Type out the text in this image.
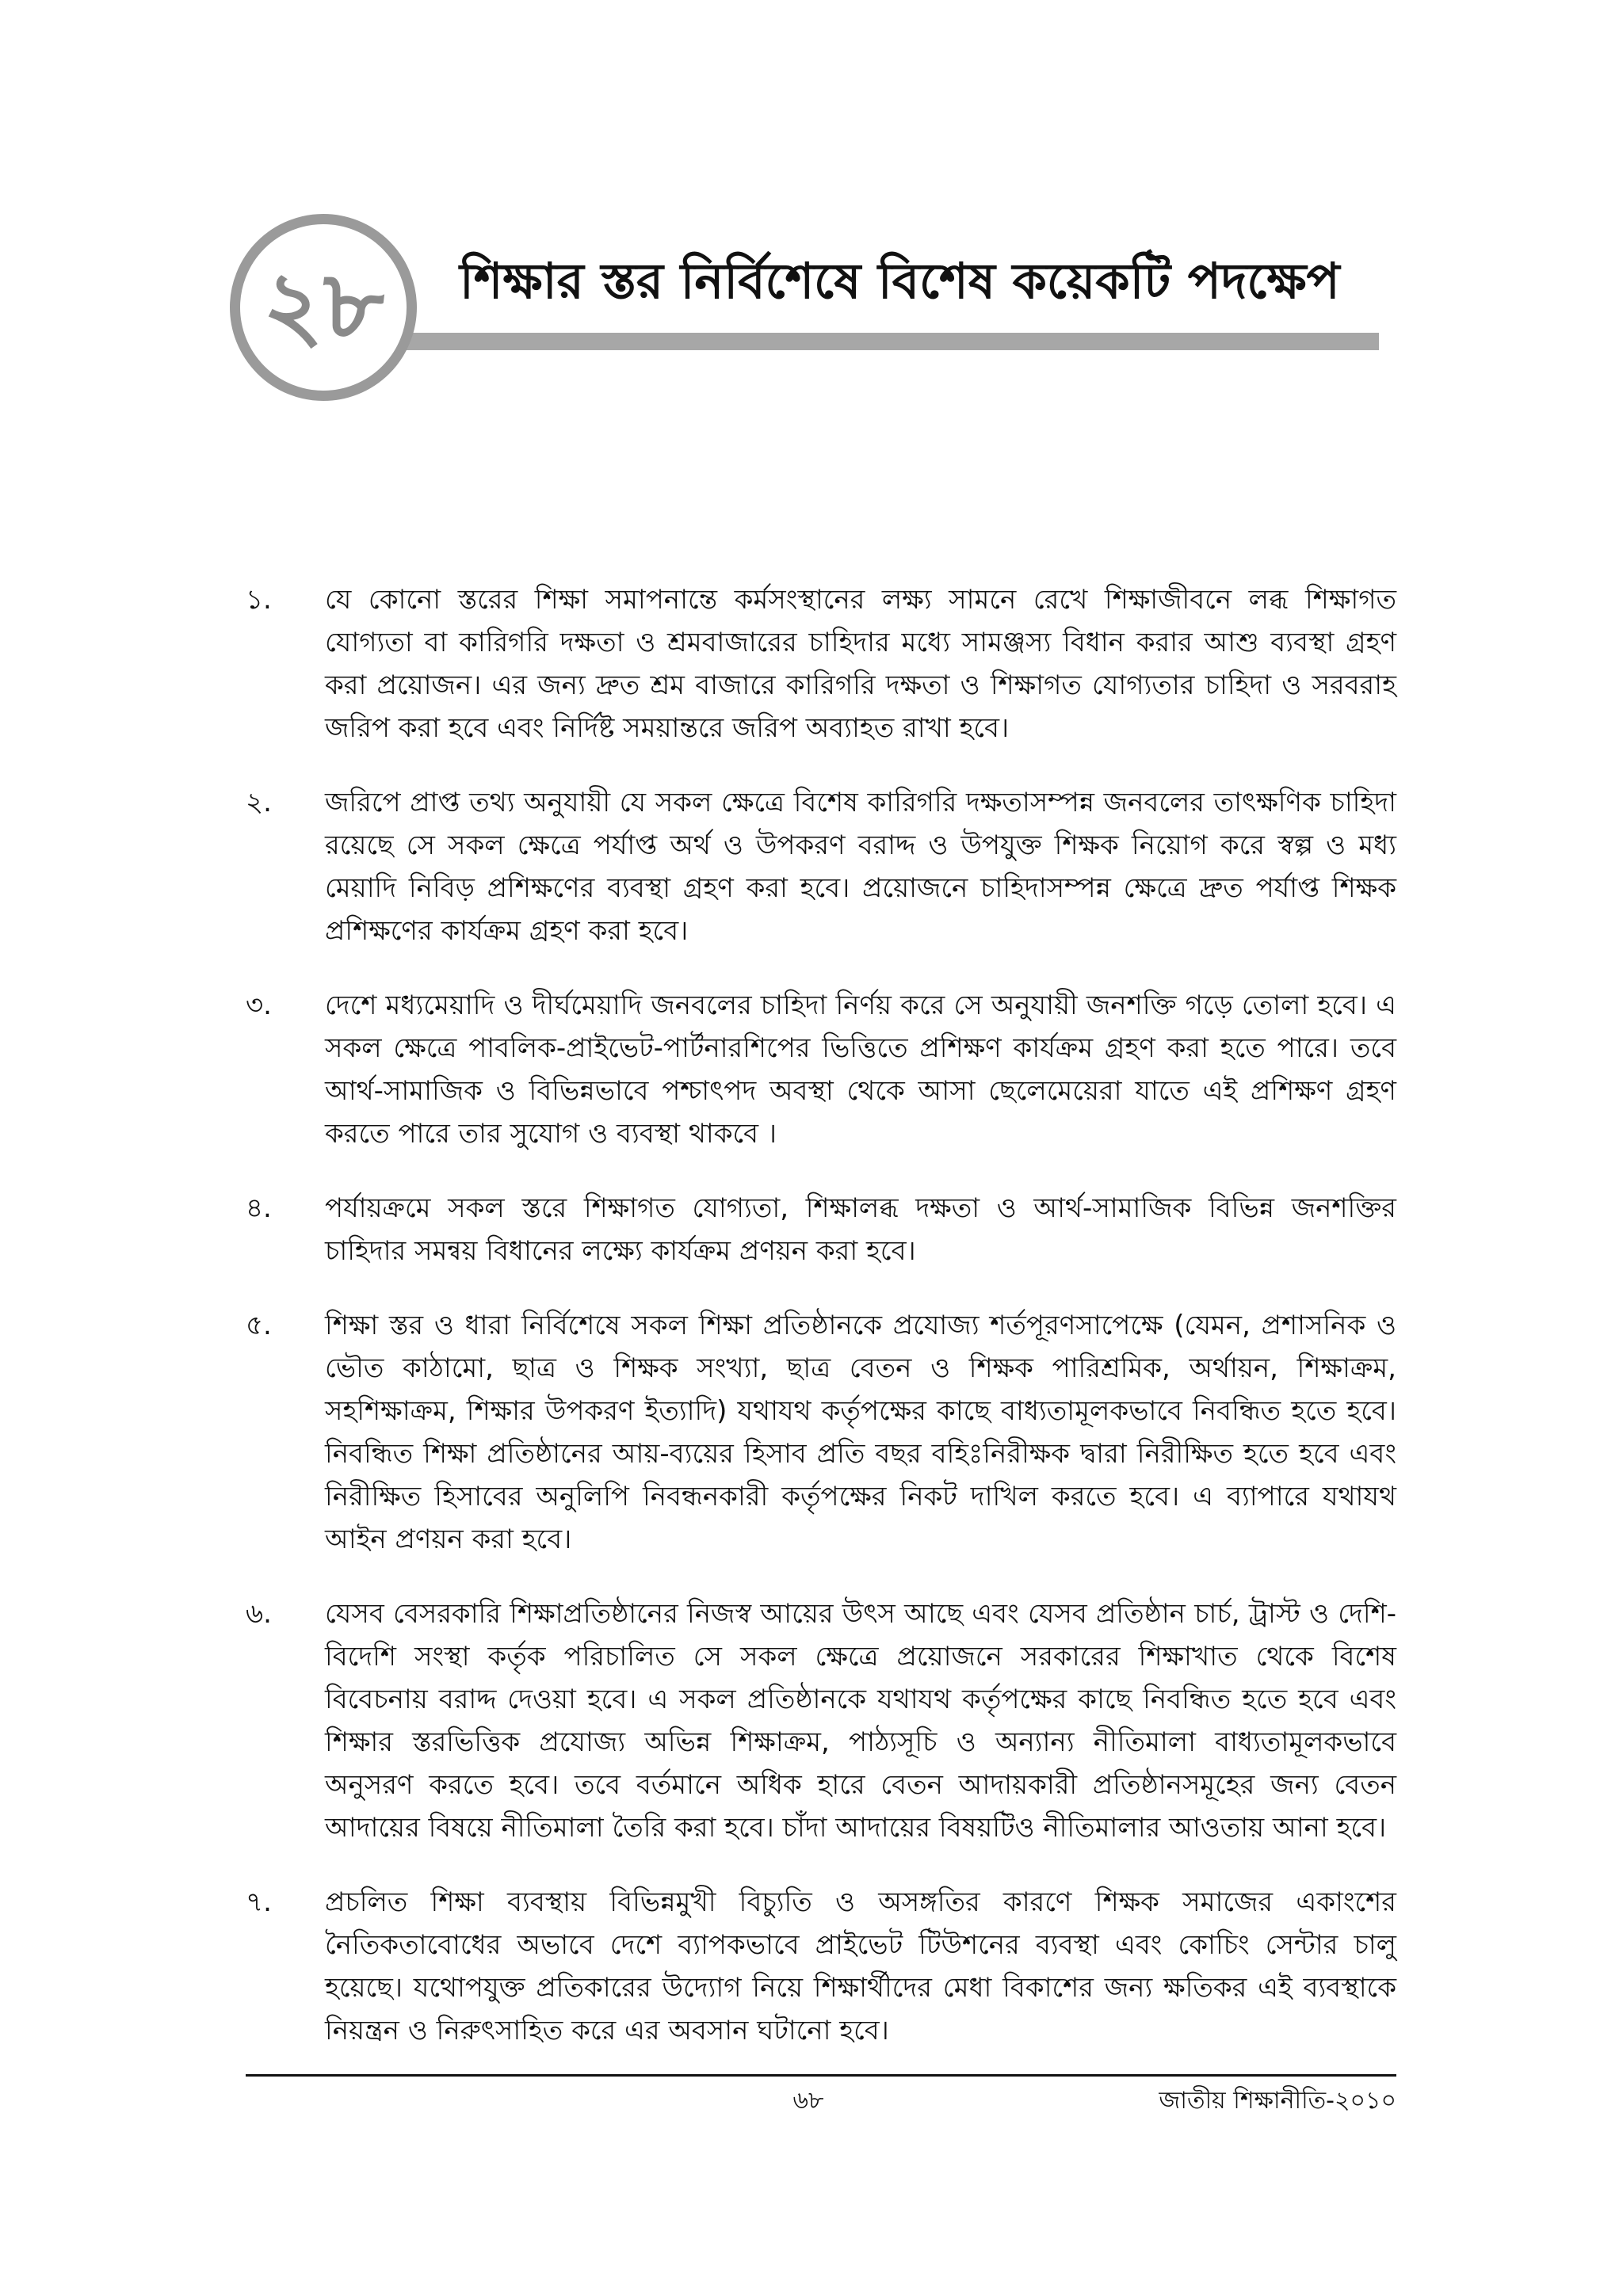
২৮ শিক্ষার স্তর নির্বিশেষে বিশেষ কয়েকটি পদক্ষেপ
১.	যে কোনো স্তরের শিক্ষা সমাপনান্তে কর্মসংস্থানের লক্ষ্য সামনে রেখে শিক্ষাজীবনে লব্ধ শিক্ষাগত যোগ্যতা বা কারিগরি দক্ষতা ও শ্রমবাজারের চাহিদার মধ্যে সামঞ্জস্য বিধান করার আশু ব্যবস্থা গ্রহণ করা প্রয়োজন। এর জন্য দ্রুত শ্রম বাজারে কারিগরি দক্ষতা ও শিক্ষাগত যোগ্যতার চাহিদা ও সরবরাহ জরিপ করা হবে এবং নির্দিষ্ট সময়ান্তরে জরিপ অব্যাহত রাখা হবে।
২.	জরিপে প্রাপ্ত তথ্য অনুযায়ী যে সকল ক্ষেত্রে বিশেষ কারিগরি দক্ষতাসম্পন্ন জনবলের তাৎক্ষণিক চাহিদা রয়েছে সে সকল ক্ষেত্রে পর্যাপ্ত অর্থ ও উপকরণ বরাদ্দ ও উপযুক্ত শিক্ষক নিয়োগ করে স্বল্প ও মধ্য মেয়াদি নিবিড় প্রশিক্ষণের ব্যবস্থা গ্রহণ করা হবে। প্রয়োজনে চাহিদাসম্পন্ন ক্ষেত্রে দ্রুত পর্যাপ্ত শিক্ষক প্রশিক্ষণের কার্যক্রম গ্রহণ করা হবে।
৩.	দেশে মধ্যমেয়াদি ও দীর্ঘমেয়াদি জনবলের চাহিদা নির্ণয় করে সে অনুযায়ী জনশক্তি গড়ে তোলা হবে। এ সকল ক্ষেত্রে পাবলিক-প্রাইভেট-পার্টনারশিপের ভিত্তিতে প্রশিক্ষণ কার্যক্রম গ্রহণ করা হতে পারে। তবে আর্থ-সামাজিক ও বিভিন্নভাবে পশ্চাৎপদ অবস্থা থেকে আসা ছেলেমেয়েরা যাতে এই প্রশিক্ষণ গ্রহণ করতে পারে তার সুযোগ ও ব্যবস্থা থাকবে ।
৪.	পর্যায়ক্রমে সকল স্তরে শিক্ষাগত যোগ্যতা, শিক্ষালব্ধ দক্ষতা ও আর্থ-সামাজিক বিভিন্ন জনশক্তির চাহিদার সমন্বয় বিধানের লক্ষ্যে কার্যক্রম প্রণয়ন করা হবে।
৫.	শিক্ষা স্তর ও ধারা নির্বিশেষে সকল শিক্ষা প্রতিষ্ঠানকে প্রযোজ্য শর্তপূরণসাপেক্ষে (যেমন, প্রশাসনিক ও ভৌত কাঠামো, ছাত্র ও শিক্ষক সংখ্যা, ছাত্র বেতন ও শিক্ষক পারিশ্রমিক, অর্থায়ন, শিক্ষাক্রম, সহশিক্ষাক্রম, শিক্ষার উপকরণ ইত্যাদি) যথাযথ কর্তৃপক্ষের কাছে বাধ্যতামূলকভাবে নিবন্ধিত হতে হবে। নিবন্ধিত শিক্ষা প্রতিষ্ঠানের আয়-ব্যয়ের হিসাব প্রতি বছর বহিঃনিরীক্ষক দ্বারা নিরীক্ষিত হতে হবে এবং নিরীক্ষিত হিসাবের অনুলিপি নিবন্ধনকারী কর্তৃপক্ষের নিকট দাখিল করতে হবে। এ ব্যাপারে যথাযথ আইন প্রণয়ন করা হবে।
৬.	যেসব বেসরকারি শিক্ষাপ্রতিষ্ঠানের নিজস্ব আয়ের উৎস আছে এবং যেসব প্রতিষ্ঠান চার্চ, ট্রাস্ট ও দেশি-বিদেশি সংস্থা কর্তৃক পরিচালিত সে সকল ক্ষেত্রে প্রয়োজনে সরকারের শিক্ষাখাত থেকে বিশেষ বিবেচনায় বরাদ্দ দেওয়া হবে। এ সকল প্রতিষ্ঠানকে যথাযথ কর্তৃপক্ষের কাছে নিবন্ধিত হতে হবে এবং শিক্ষার স্তরভিত্তিক প্রযোজ্য অভিন্ন শিক্ষাক্রম, পাঠ্যসূচি ও অন্যান্য নীতিমালা বাধ্যতামূলকভাবে অনুসরণ করতে হবে। তবে বর্তমানে অধিক হারে বেতন আদায়কারী প্রতিষ্ঠানসমূহের জন্য বেতন আদায়ের বিষয়ে নীতিমালা তৈরি করা হবে। চাঁদা আদায়ের বিষয়টিও নীতিমালার আওতায় আনা হবে।
৭.	প্রচলিত শিক্ষা ব্যবস্থায় বিভিন্নমুখী বিচ্যুতি ও অসঙ্গতির কারণে শিক্ষক সমাজের একাংশের নৈতিকতাবোধের অভাবে দেশে ব্যাপকভাবে প্রাইভেট টিউশনের ব্যবস্থা এবং কোচিং সেন্টার চালু হয়েছে। যথোপযুক্ত প্রতিকারের উদ্যোগ নিয়ে শিক্ষার্থীদের মেধা বিকাশের জন্য ক্ষতিকর এই ব্যবস্থাকে নিয়ন্ত্রন ও নিরুৎসাহিত করে এর অবসান ঘটানো হবে।
৬৮	জাতীয় শিক্ষানীতি-২০১০
